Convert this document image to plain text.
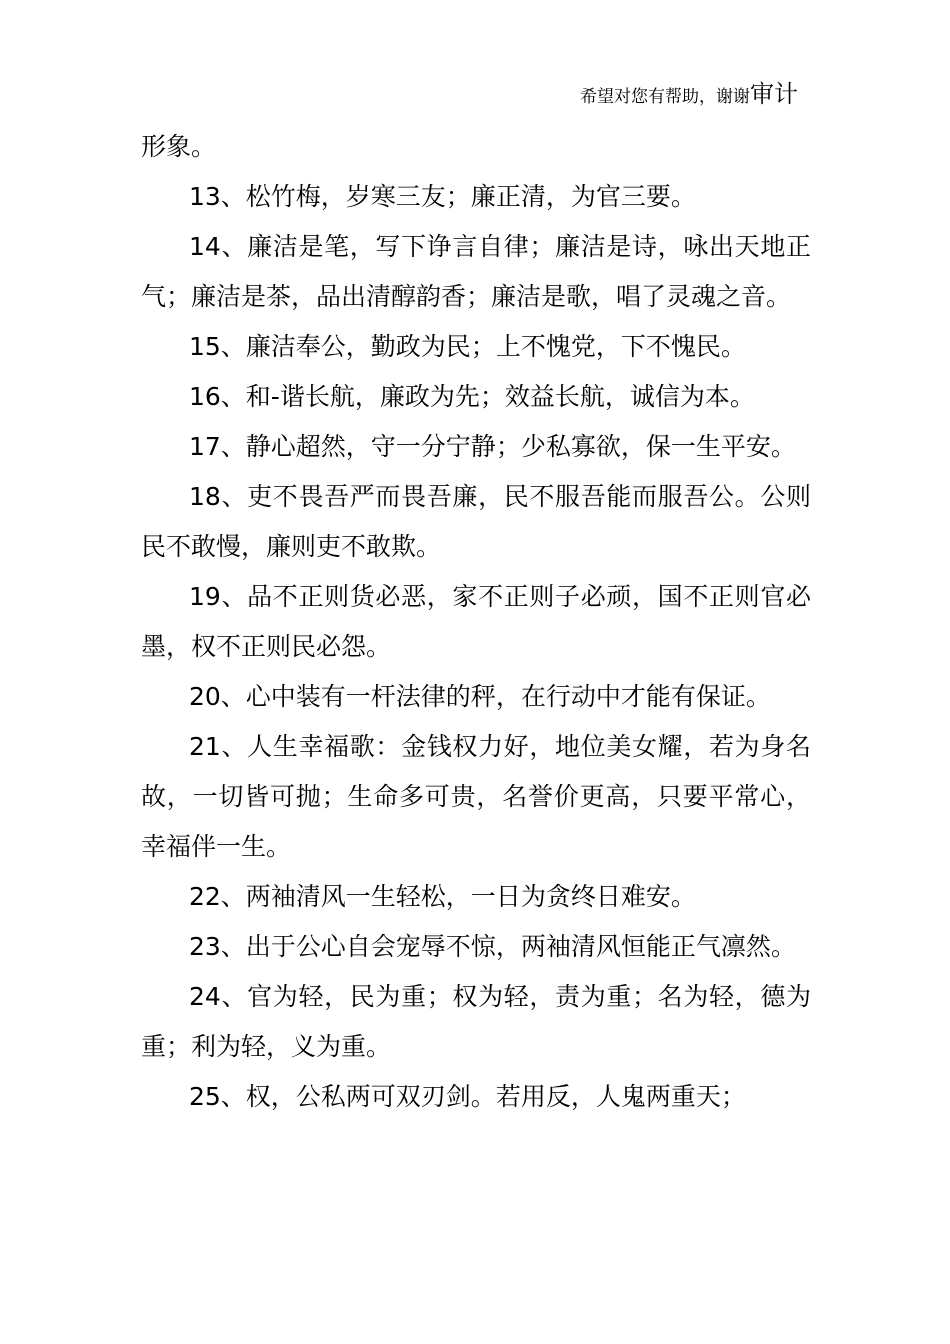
希望对您有帮助，谢谢 审计

形象。

13、松竹梅，岁寒三友；廉正清，为官三要。

14、廉洁是笔，写下诤言自律；廉洁是诗，咏出天地正气；廉洁是茶，品出清醇韵香；廉洁是歌，唱了灵魂之音。

15、廉洁奉公，勤政为民；上不愧党，下不愧民。

16、和-谐长航，廉政为先；效益长航，诚信为本。

17、静心超然，守一分宁静；少私寡欲，保一生平安。

18、吏不畏吾严而畏吾廉，民不服吾能而服吾公。公则民不敢慢，廉则吏不敢欺。

19、品不正则货必恶，家不正则子必顽，国不正则官必墨，权不正则民必怨。

20、心中装有一杆法律的秤，在行动中才能有保证。

21、人生幸福歌：金钱权力好，地位美女耀，若为身名故，一切皆可抛；生命多可贵，名誉价更高，只要平常心，幸福伴一生。

22、两袖清风一生轻松，一日为贪终日难安。

23、出于公心自会宠辱不惊，两袖清风恒能正气凛然。

24、官为轻，民为重；权为轻，责为重；名为轻，德为重；利为轻，义为重。

25、权，公私两可双刃剑。若用反，人鬼两重天；
